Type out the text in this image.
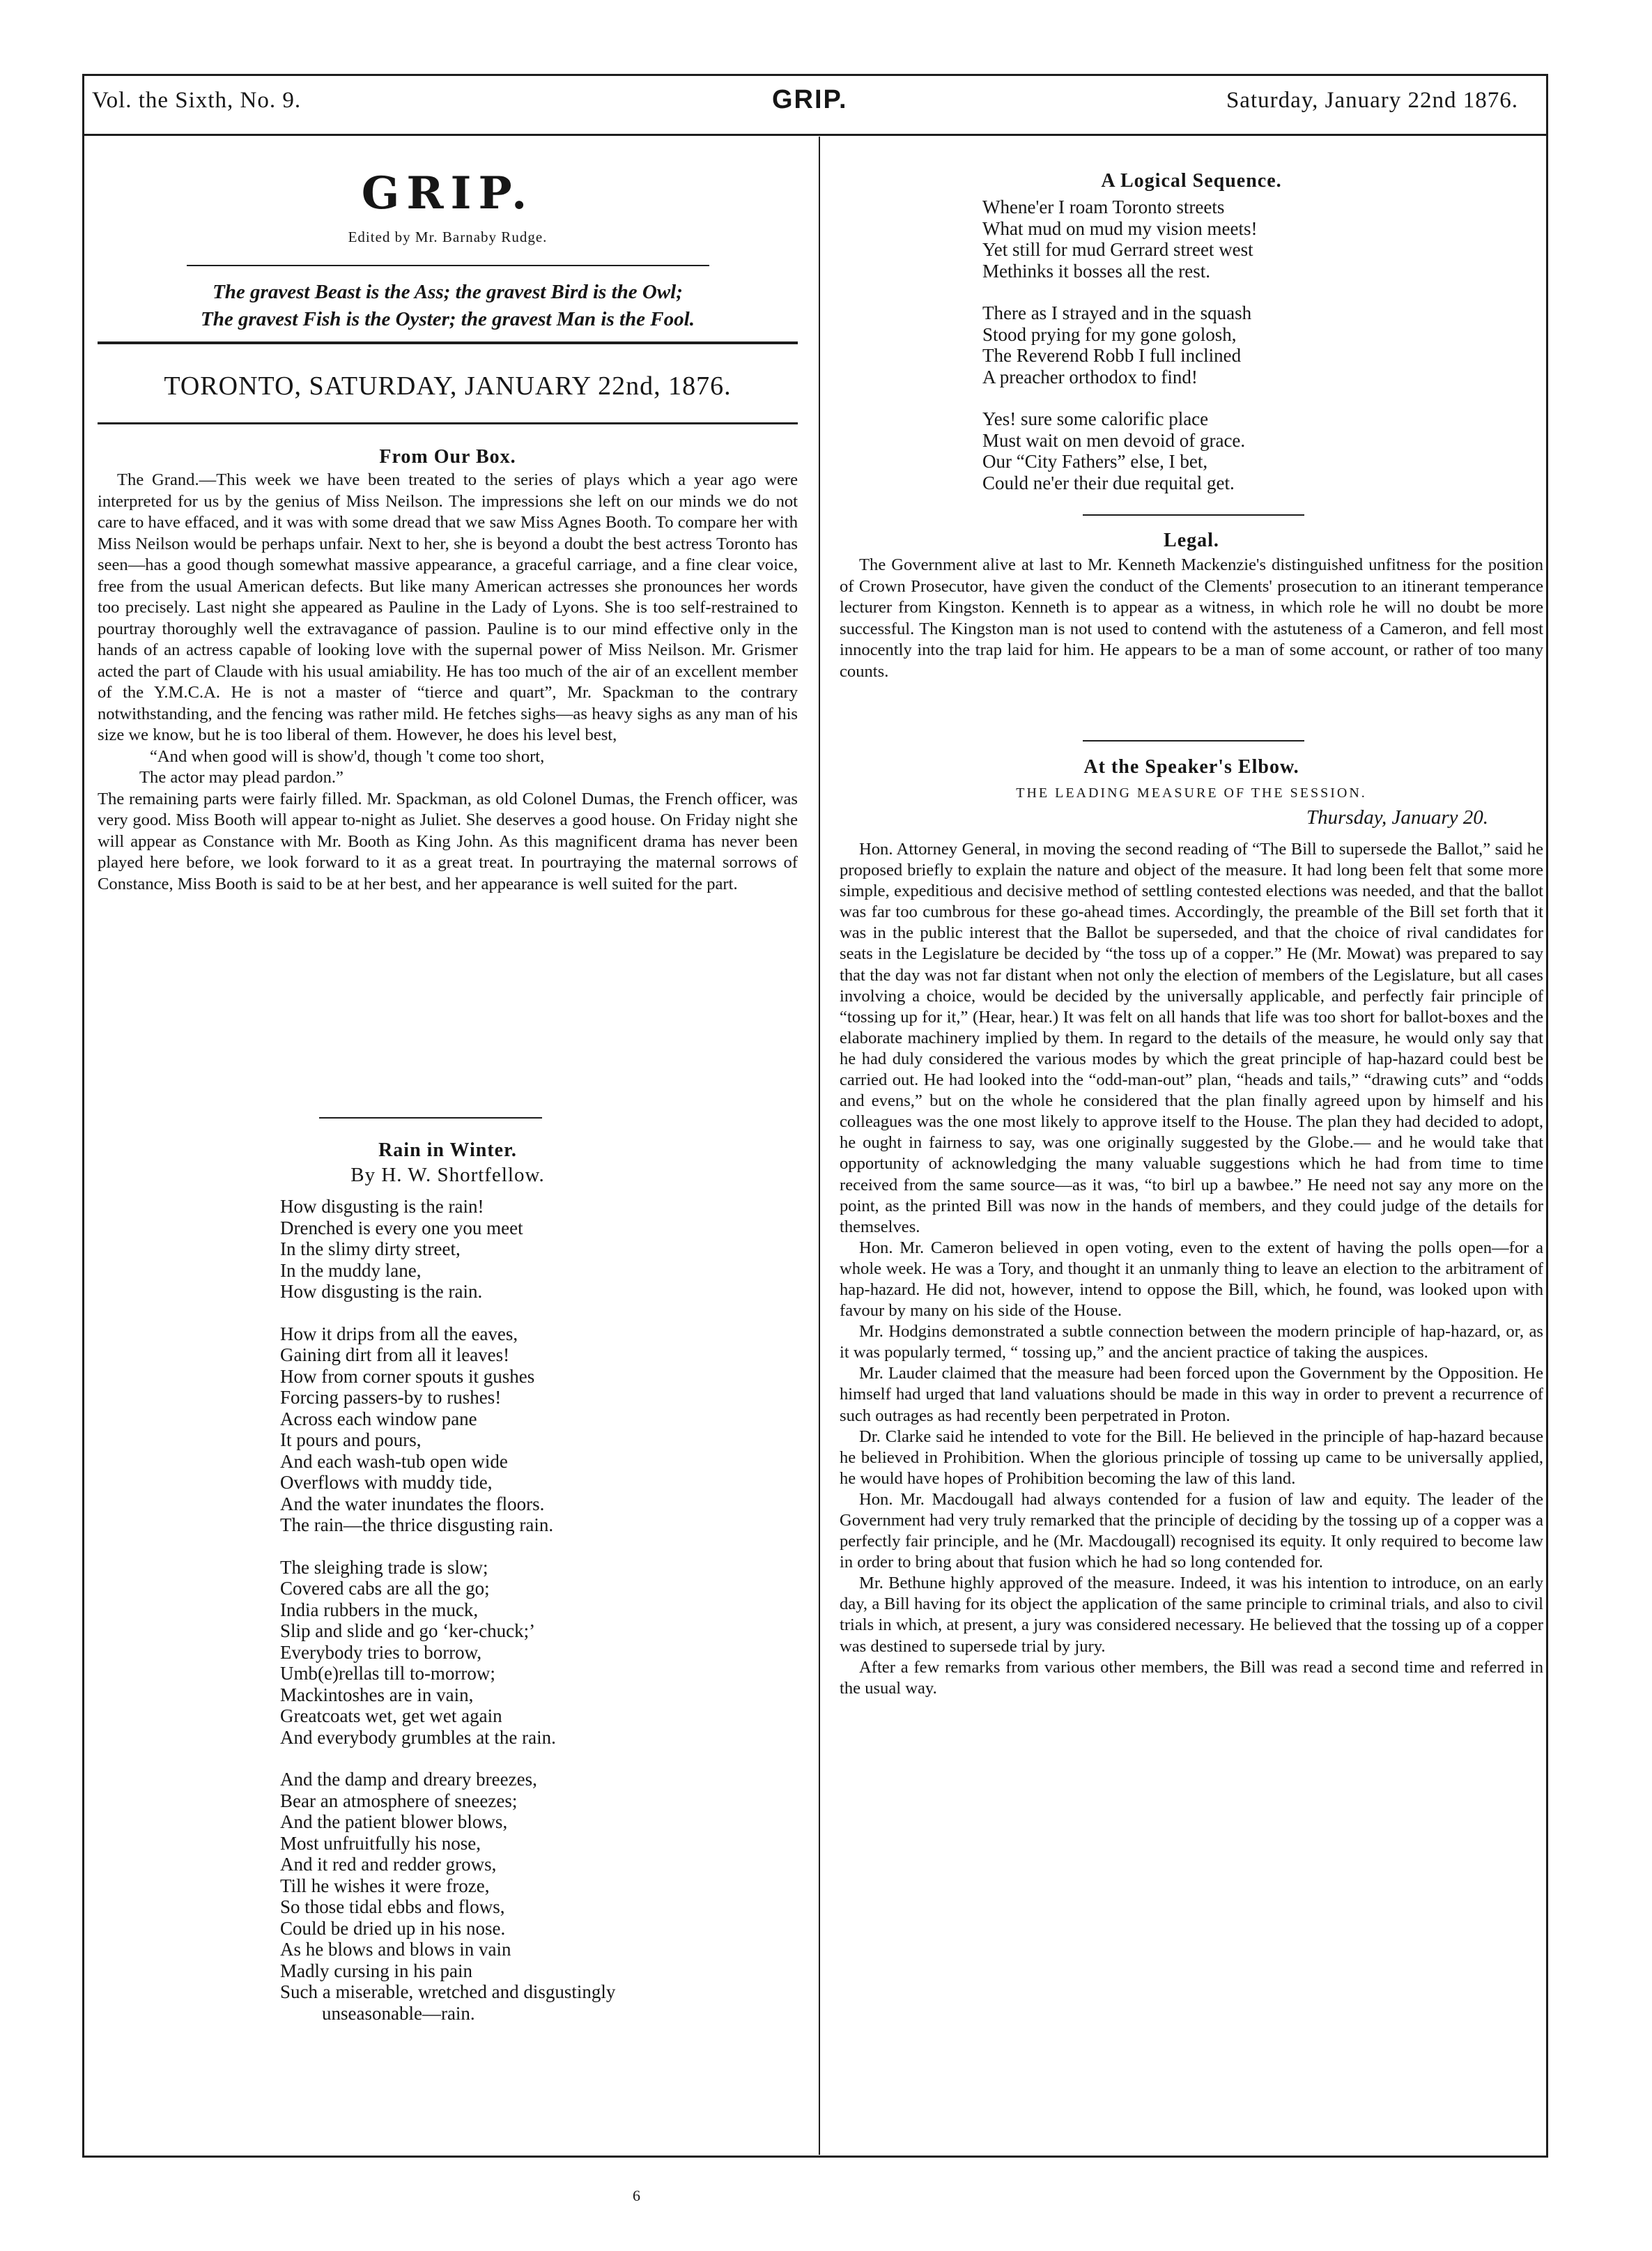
Vol. the Sixth, No. 9.	GRIP.	Saturday, January 22nd 1876.
GRIP.
Edited by Mr. Barnaby Rudge.
The gravest Beast is the Ass; the gravest Bird is the Owl;
The gravest Fish is the Oyster; the gravest Man is the Fool.
TORONTO, SATURDAY, JANUARY 22nd, 1876.
From Our Box.

The Grand.—This week we have been treated to the series of plays which a year ago were interpreted for us by the genius of Miss Neilson. The impressions she left on our minds we do not care to have effaced, and it was with some dread that we saw Miss Agnes Booth. To compare her with Miss Neilson would be perhaps unfair. Next to her, she is beyond a doubt the best actress Toronto has seen—has a good though somewhat massive appearance, a graceful carriage, and a fine clear voice, free from the usual American defects. But like many American actresses she pronounces her words too precisely. Last night she appeared as Pauline in the Lady of Lyons. She is too self-restrained to pourtray thoroughly well the extravagance of passion. Pauline is to our mind effective only in the hands of an actress capable of looking love with the supernal power of Miss Neilson. Mr. Grismer acted the part of Claude with his usual amiability. He has too much of the air of an excellent member of the Y.M.C.A. He is not a master of “tierce and quart”, Mr. Spackman to the contrary notwithstanding, and the fencing was rather mild. He fetches sighs—as heavy sighs as any man of his size we know, but he is too liberal of them. However, he does his level best,

“And when good will is show'd, though 't come too short,
The actor may plead pardon.”

The remaining parts were fairly filled. Mr. Spackman, as old Colonel Dumas, the French officer, was very good. Miss Booth will appear to-night as Juliet. She deserves a good house. On Friday night she will appear as Constance with Mr. Booth as King John. As this magnificent drama has never been played here before, we look forward to it as a great treat. In pourtraying the maternal sorrows of Constance, Miss Booth is said to be at her best, and her appearance is well suited for the part.

Rain in Winter.
By H. W. Shortfellow.
How disgusting is the rain!
Drenched is every one you meet
In the slimy dirty street,
In the muddy lane,
How disgusting is the rain.
How it drips from all the eaves,
Gaining dirt from all it leaves!
How from corner spouts it gushes
Forcing passers-by to rushes!
Across each window pane
It pours and pours,
And each wash-tub open wide
Overflows with muddy tide,
And the water inundates the floors.
The rain—the thrice disgusting rain.
The sleighing trade is slow;
Covered cabs are all the go;
India rubbers in the muck,
Slip and slide and go ‘ker-chuck;’
Everybody tries to borrow,
Umb(e)rellas till to-morrow;
Mackintoshes are in vain,
Greatcoats wet, get wet again
And everybody grumbles at the rain.
And the damp and dreary breezes,
Bear an atmosphere of sneezes;
And the patient blower blows,
Most unfruitfully his nose,
And it red and redder grows,
Till he wishes it were froze,
So those tidal ebbs and flows,
Could be dried up in his nose.
As he blows and blows in vain
Madly cursing in his pain
Such a miserable, wretched and disgustingly
unseasonable—rain.
A Logical Sequence.
Whene'er I roam Toronto streets
What mud on mud my vision meets!
Yet still for mud Gerrard street west
Methinks it bosses all the rest.
There as I strayed and in the squash
Stood prying for my gone golosh,
The Reverend Robb I full inclined
A preacher orthodox to find!
Yes! sure some calorific place
Must wait on men devoid of grace.
Our “City Fathers” else, I bet,
Could ne'er their due requital get.
Legal.

The Government alive at last to Mr. Kenneth Mackenzie's distinguished unfitness for the position of Crown Prosecutor, have given the conduct of the Clements' prosecution to an itinerant temperance lecturer from Kingston. Kenneth is to appear as a witness, in which role he will no doubt be more successful. The Kingston man is not used to contend with the astuteness of a Cameron, and fell most innocently into the trap laid for him. He appears to be a man of some account, or rather of too many counts.

At the Speaker's Elbow.
THE LEADING MEASURE OF THE SESSION.
Thursday, January 20.

Hon. Attorney General, in moving the second reading of “The Bill to supersede the Ballot,” said he proposed briefly to explain the nature and object of the measure. It had long been felt that some more simple, expeditious and decisive method of settling contested elections was needed, and that the ballot was far too cumbrous for these go-ahead times. Accordingly, the preamble of the Bill set forth that it was in the public interest that the Ballot be superseded, and that the choice of rival candidates for seats in the Legislature be decided by “the toss up of a copper.” He (Mr. Mowat) was prepared to say that the day was not far distant when not only the election of members of the Legislature, but all cases involving a choice, would be decided by the universally applicable, and perfectly fair principle of “tossing up for it,” (Hear, hear.) It was felt on all hands that life was too short for ballot-boxes and the elaborate machinery implied by them. In regard to the details of the measure, he would only say that he had duly considered the various modes by which the great principle of hap-hazard could best be carried out. He had looked into the “odd-man-out” plan, “heads and tails,” “drawing cuts” and “odds and evens,” but on the whole he considered that the plan finally agreed upon by himself and his colleagues was the one most likely to approve itself to the House. The plan they had decided to adopt, he ought in fairness to say, was one originally suggested by the Globe.— and he would take that opportunity of acknowledging the many valuable suggestions which he had from time to time received from the same source—as it was, “to birl up a bawbee.” He need not say any more on the point, as the printed Bill was now in the hands of members, and they could judge of the details for themselves.

Hon. Mr. Cameron believed in open voting, even to the extent of having the polls open—for a whole week. He was a Tory, and thought it an unmanly thing to leave an election to the arbitrament of hap-hazard. He did not, however, intend to oppose the Bill, which, he found, was looked upon with favour by many on his side of the House.

Mr. Hodgins demonstrated a subtle connection between the modern principle of hap-hazard, or, as it was popularly termed, “ tossing up,” and the ancient practice of taking the auspices.

Mr. Lauder claimed that the measure had been forced upon the Government by the Opposition. He himself had urged that land valuations should be made in this way in order to prevent a recurrence of such outrages as had recently been perpetrated in Proton.

Dr. Clarke said he intended to vote for the Bill. He believed in the principle of hap-hazard because he believed in Prohibition. When the glorious principle of tossing up came to be universally applied, he would have hopes of Prohibition becoming the law of this land.

Hon. Mr. Macdougall had always contended for a fusion of law and equity. The leader of the Government had very truly remarked that the principle of deciding by the tossing up of a copper was a perfectly fair principle, and he (Mr. Macdougall) recognised its equity. It only required to become law in order to bring about that fusion which he had so long contended for.

Mr. Bethune highly approved of the measure. Indeed, it was his intention to introduce, on an early day, a Bill having for its object the application of the same principle to criminal trials, and also to civil trials in which, at present, a jury was considered necessary. He believed that the tossing up of a copper was destined to supersede trial by jury.

After a few remarks from various other members, the Bill was read a second time and referred in the usual way.

6
